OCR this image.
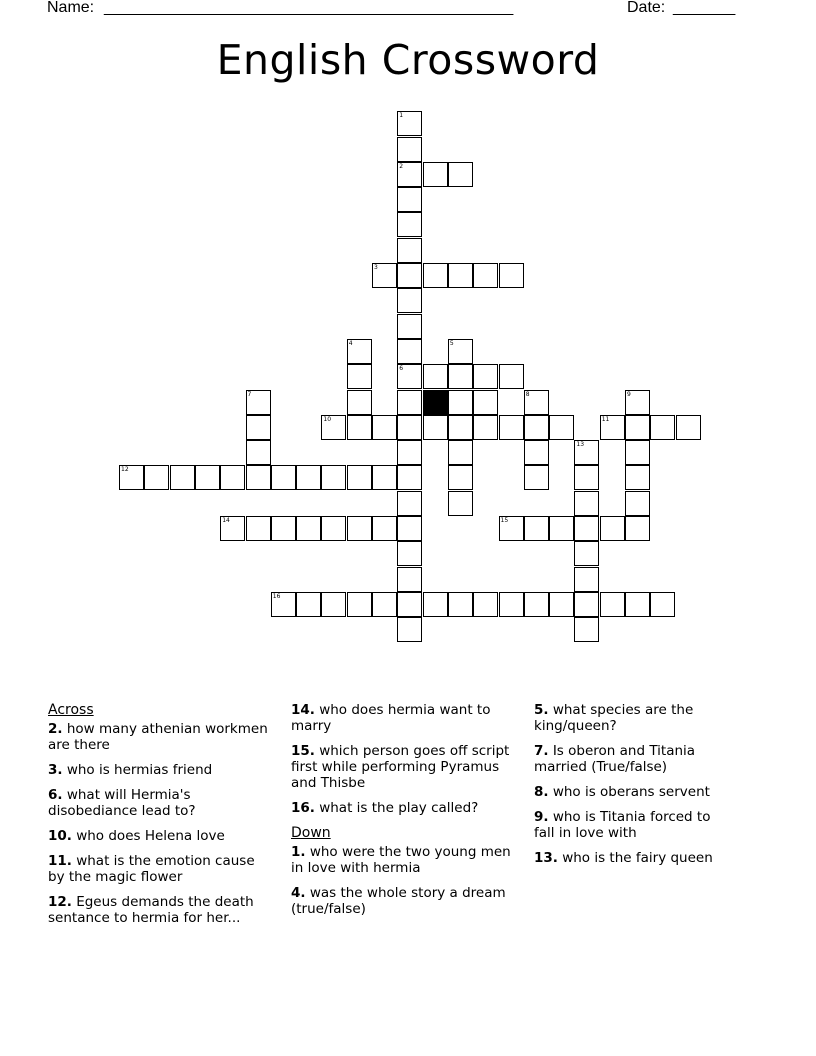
Name: ______________________________________________	Date: _______
English Crossword
1
2
3
4	5
6
7	8	9
10	11
13
12
14	15
16
Across
2. how many athenian workmen are there
3. who is hermias friend
6. what will Hermia's disobediance lead to?
10. who does Helena love
11. what is the emotion cause by the magic flower
12. Egeus demands the death sentance to hermia for her...
14. who does hermia want to marry
15. which person goes off script first while performing Pyramus and Thisbe
16. what is the play called?
Down
1. who were the two young men in love with hermia
4. was the whole story a dream (true/false)
5. what species are the king/queen?
7. Is oberon and Titania married (True/false)
8. who is oberans servent
9. who is Titania forced to fall in love with
13. who is the fairy queen
